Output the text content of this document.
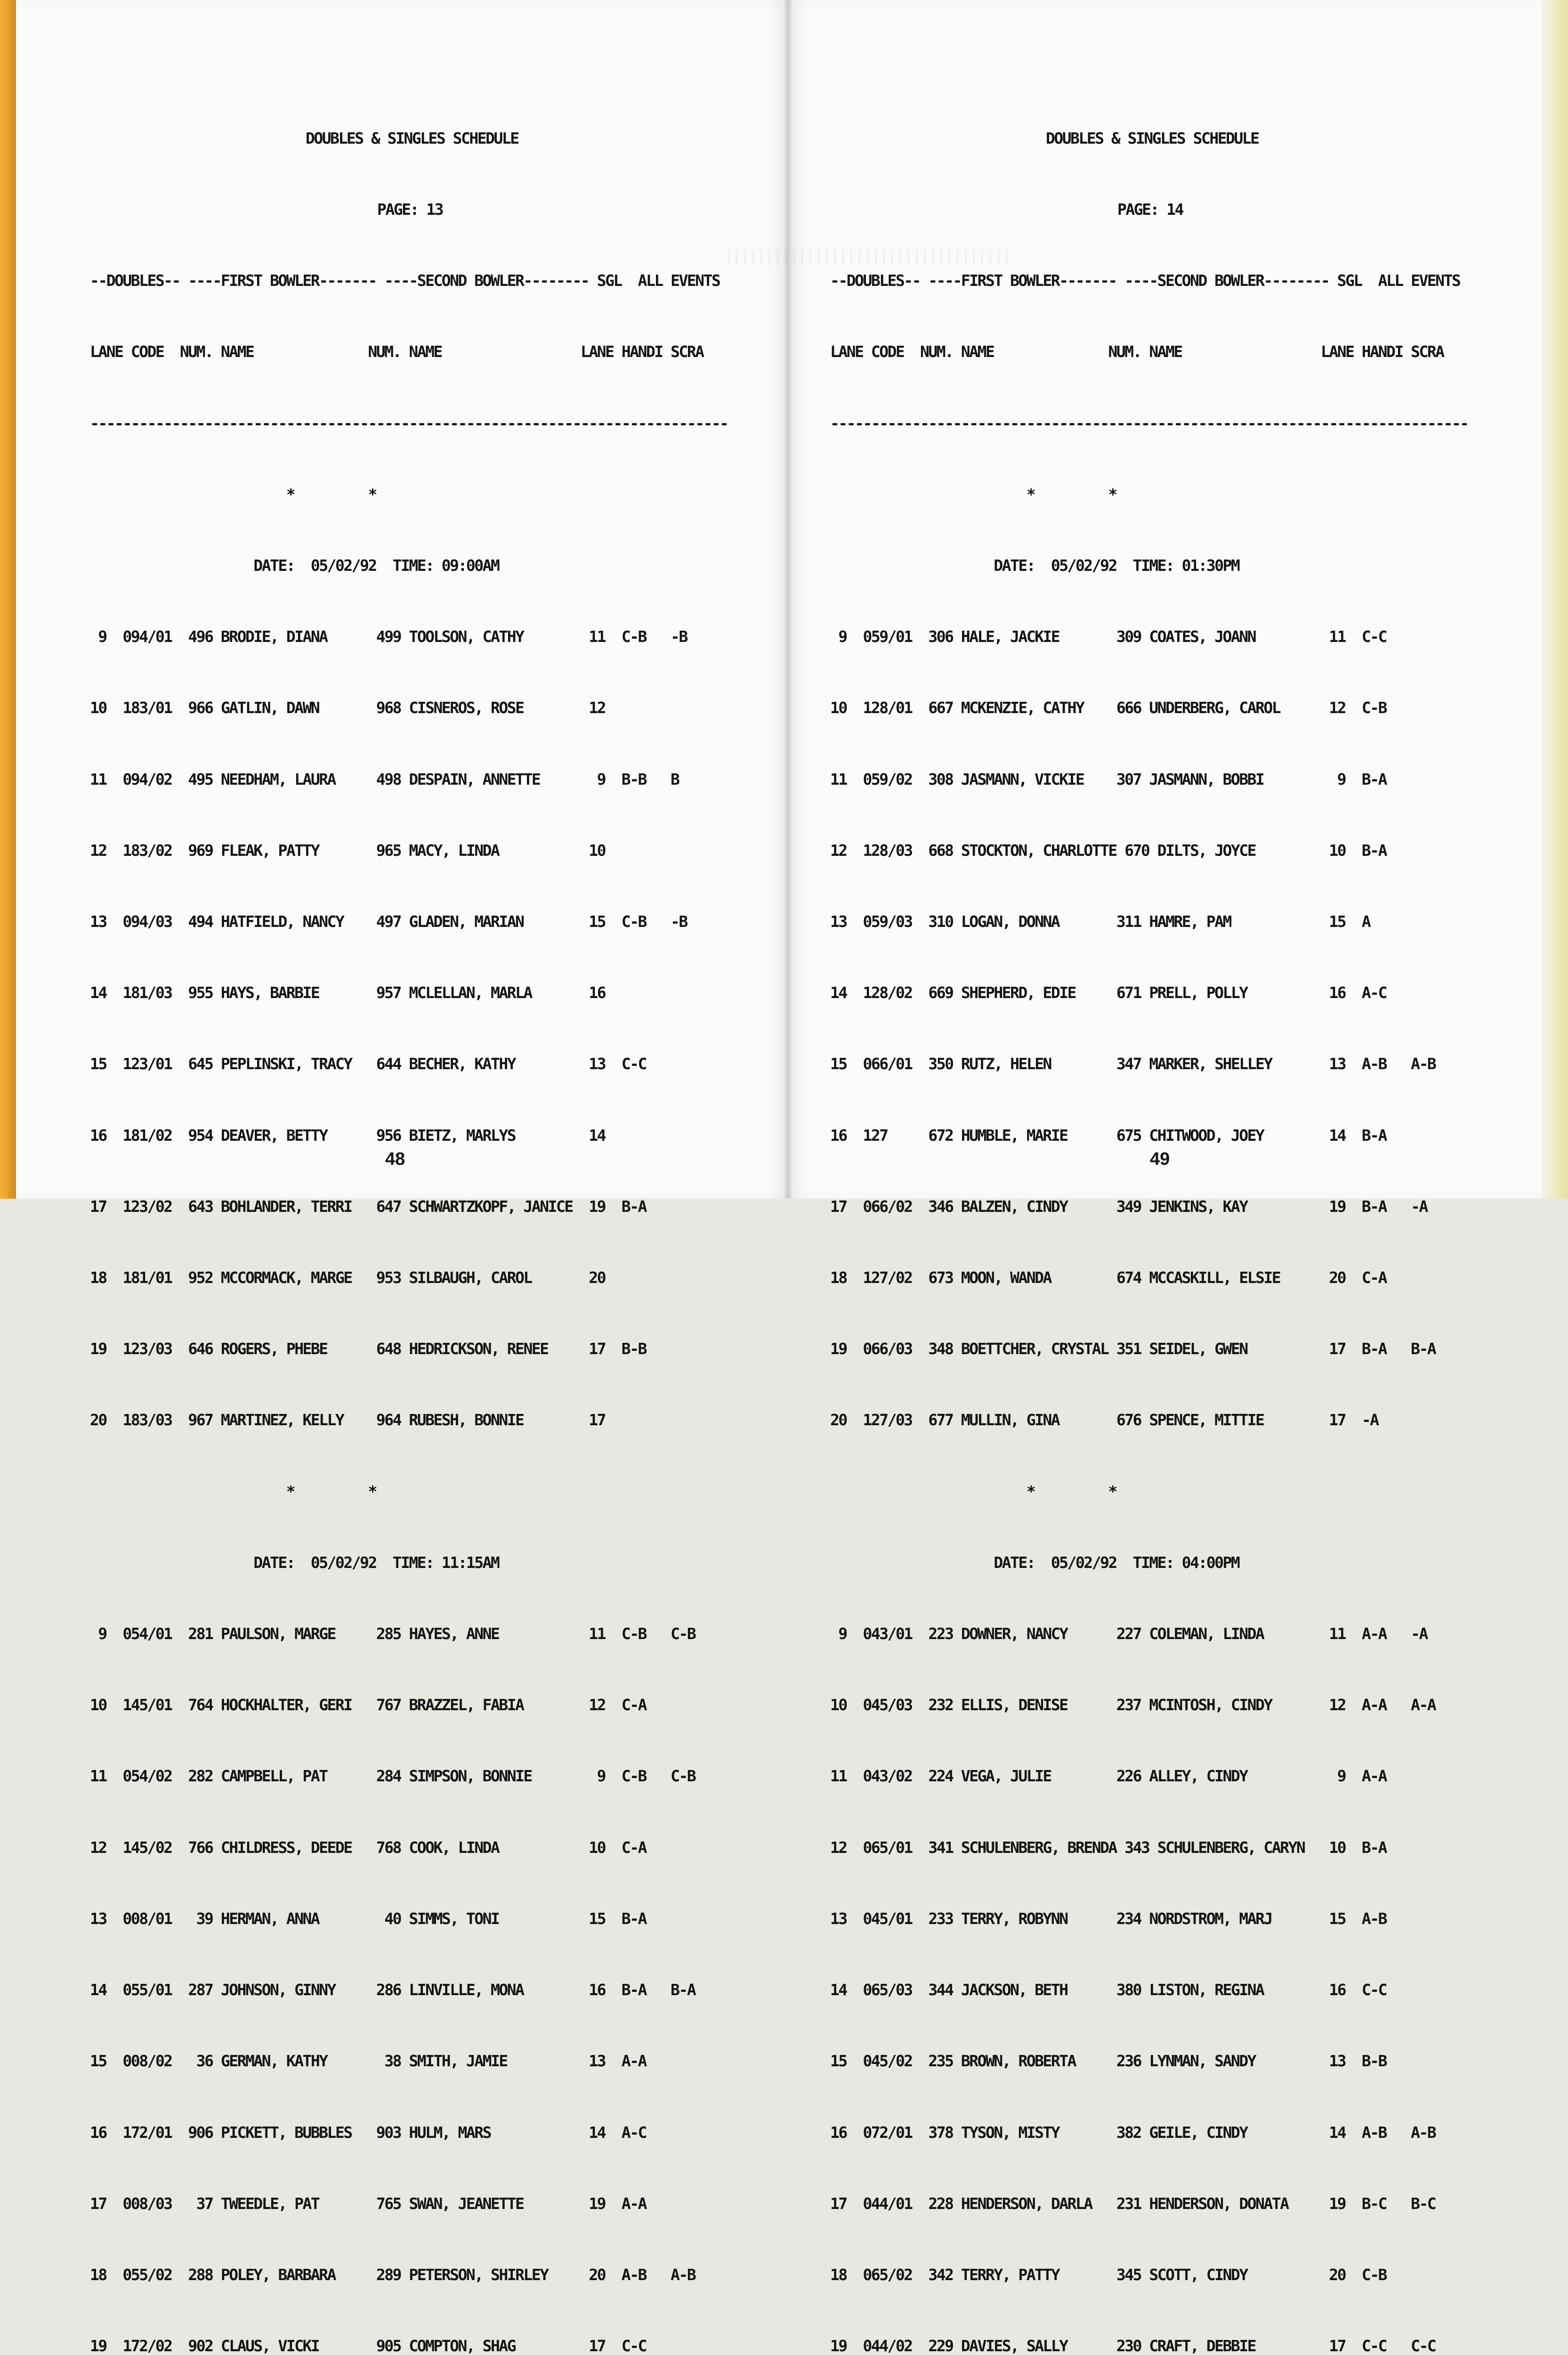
DOUBLES & SINGLES SCHEDULE

PAGE: 13

--DOUBLES-- ----FIRST BOWLER------- ----SECOND BOWLER-------- SGL  ALL EVENTS

LANE CODE  NUM. NAME              NUM. NAME                 LANE HANDI SCRA

------------------------------------------------------------------------------

*         *

DATE:  05/02/92  TIME: 09:00AM

9  094/01  496 BRODIE, DIANA      499 TOOLSON, CATHY        11  C-B   -B

10  183/01  966 GATLIN, DAWN       968 CISNEROS, ROSE        12

11  094/02  495 NEEDHAM, LAURA     498 DESPAIN, ANNETTE       9  B-B   B

12  183/02  969 FLEAK, PATTY       965 MACY, LINDA           10

13  094/03  494 HATFIELD, NANCY    497 GLADEN, MARIAN        15  C-B   -B

14  181/03  955 HAYS, BARBIE       957 MCLELLAN, MARLA       16

15  123/01  645 PEPLINSKI, TRACY   644 BECHER, KATHY         13  C-C

16  181/02  954 DEAVER, BETTY      956 BIETZ, MARLYS         14

17  123/02  643 BOHLANDER, TERRI   647 SCHWARTZKOPF, JANICE  19  B-A

18  181/01  952 MCCORMACK, MARGE   953 SILBAUGH, CAROL       20

19  123/03  646 ROGERS, PHEBE      648 HEDRICKSON, RENEE     17  B-B

20  183/03  967 MARTINEZ, KELLY    964 RUBESH, BONNIE        17

*         *

DATE:  05/02/92  TIME: 11:15AM

9  054/01  281 PAULSON, MARGE     285 HAYES, ANNE           11  C-B   C-B

10  145/01  764 HOCKHALTER, GERI   767 BRAZZEL, FABIA        12  C-A

11  054/02  282 CAMPBELL, PAT      284 SIMPSON, BONNIE        9  C-B   C-B

12  145/02  766 CHILDRESS, DEEDE   768 COOK, LINDA           10  C-A

13  008/01   39 HERMAN, ANNA        40 SIMMS, TONI           15  B-A

14  055/01  287 JOHNSON, GINNY     286 LINVILLE, MONA        16  B-A   B-A

15  008/02   36 GERMAN, KATHY       38 SMITH, JAMIE          13  A-A

16  172/01  906 PICKETT, BUBBLES   903 HULM, MARS            14  A-C

17  008/03   37 TWEEDLE, PAT       765 SWAN, JEANETTE        19  A-A

18  055/02  288 POLEY, BARBARA     289 PETERSON, SHIRLEY     20  A-B   A-B

19  172/02  902 CLAUS, VICKI       905 COMPTON, SHAG         17  C-C

48

DOUBLES & SINGLES SCHEDULE

PAGE: 14

--DOUBLES-- ----FIRST BOWLER------- ----SECOND BOWLER-------- SGL  ALL EVENTS

LANE CODE  NUM. NAME              NUM. NAME                 LANE HANDI SCRA

------------------------------------------------------------------------------

*         *

DATE:  05/02/92  TIME: 01:30PM

9  059/01  306 HALE, JACKIE       309 COATES, JOANN         11  C-C

10  128/01  667 MCKENZIE, CATHY    666 UNDERBERG, CAROL      12  C-B

11  059/02  308 JASMANN, VICKIE    307 JASMANN, BOBBI         9  B-A

12  128/03  668 STOCKTON, CHARLOTTE 670 DILTS, JOYCE         10  B-A

13  059/03  310 LOGAN, DONNA       311 HAMRE, PAM            15  A

14  128/02  669 SHEPHERD, EDIE     671 PRELL, POLLY          16  A-C

15  066/01  350 RUTZ, HELEN        347 MARKER, SHELLEY       13  A-B   A-B

16  127     672 HUMBLE, MARIE      675 CHITWOOD, JOEY        14  B-A

17  066/02  346 BALZEN, CINDY      349 JENKINS, KAY          19  B-A   -A

18  127/02  673 MOON, WANDA        674 MCCASKILL, ELSIE      20  C-A

19  066/03  348 BOETTCHER, CRYSTAL 351 SEIDEL, GWEN          17  B-A   B-A

20  127/03  677 MULLIN, GINA       676 SPENCE, MITTIE        17  -A

*         *

DATE:  05/02/92  TIME: 04:00PM

9  043/01  223 DOWNER, NANCY      227 COLEMAN, LINDA        11  A-A   -A

10  045/03  232 ELLIS, DENISE      237 MCINTOSH, CINDY       12  A-A   A-A

11  043/02  224 VEGA, JULIE        226 ALLEY, CINDY           9  A-A

12  065/01  341 SCHULENBERG, BRENDA 343 SCHULENBERG, CARYN   10  B-A

13  045/01  233 TERRY, ROBYNN      234 NORDSTROM, MARJ       15  A-B

14  065/03  344 JACKSON, BETH      380 LISTON, REGINA        16  C-C

15  045/02  235 BROWN, ROBERTA     236 LYNMAN, SANDY         13  B-B

16  072/01  378 TYSON, MISTY       382 GEILE, CINDY          14  A-B   A-B

17  044/01  228 HENDERSON, DARLA   231 HENDERSON, DONATA     19  B-C   B-C

18  065/02  342 TERRY, PATTY       345 SCOTT, CINDY          20  C-B

19  044/02  229 DAVIES, SALLY      230 CRAFT, DEBBIE         17  C-C   C-C

49
